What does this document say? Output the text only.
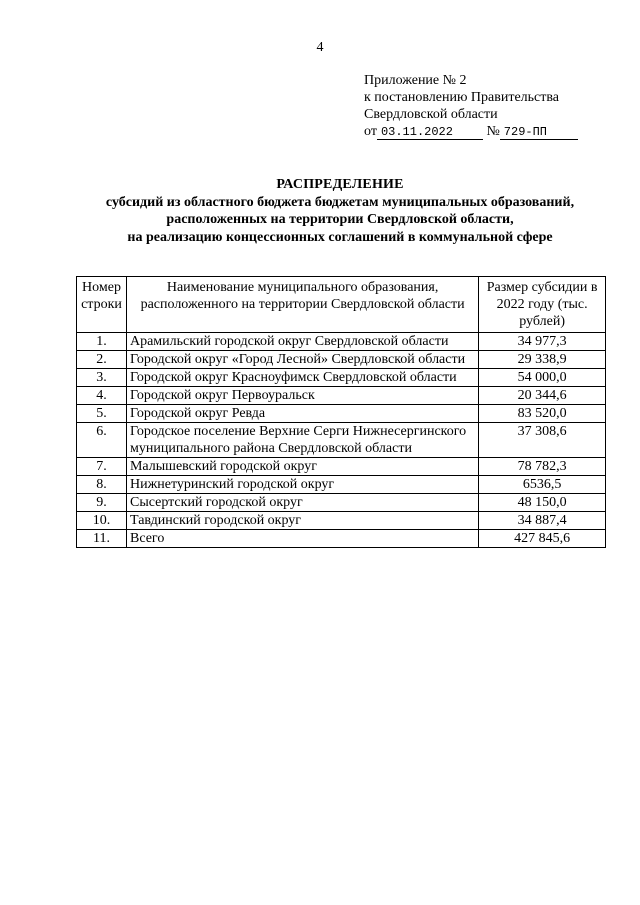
4
Приложение № 2
к постановлению Правительства
Свердловской области
от 03.11.2022 № 729-ПП
РАСПРЕДЕЛЕНИЕ
субсидий из областного бюджета бюджетам муниципальных образований,
расположенных на территории Свердловской области,
на реализацию концессионных соглашений в коммунальной сфере
Номер строки	Наименование муниципального образования, расположенного на территории Свердловской области	Размер субсидии в 2022 году (тыс. рублей)
1.	Арамильский городской округ Свердловской области	34 977,3
2.	Городской округ «Город Лесной» Свердловской области	29 338,9
3.	Городской округ Красноуфимск Свердловской области	54 000,0
4.	Городской округ Первоуральск	20 344,6
5.	Городской округ Ревда	83 520,0
6.	Городское поселение Верхние Серги Нижнесергинского муниципального района Свердловской области	37 308,6
7.	Малышевский городской округ	78 782,3
8.	Нижнетуринский городской округ	6536,5
9.	Сысертский городской округ	48 150,0
10.	Тавдинский городской округ	34 887,4
11.	Всего	427 845,6
